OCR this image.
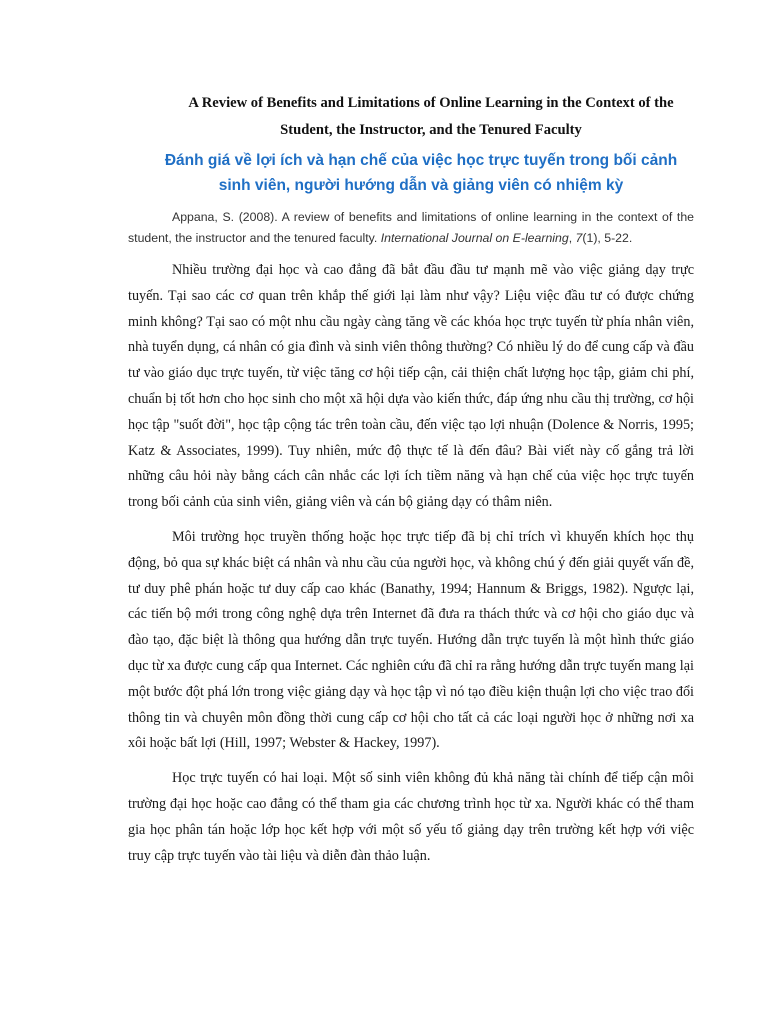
A Review of Benefits and Limitations of Online Learning in the Context of the Student, the Instructor, and the Tenured Faculty
Đánh giá về lợi ích và hạn chế của việc học trực tuyến trong bối cảnh sinh viên, người hướng dẫn và giảng viên có nhiệm kỳ

Appana, S. (2008). A review of benefits and limitations of online learning in the context of the student, the instructor and the tenured faculty. International Journal on E-learning, 7(1), 5-22.

Nhiều trường đại học và cao đẳng đã bắt đầu đầu tư mạnh mẽ vào việc giảng dạy trực tuyến. Tại sao các cơ quan trên khắp thế giới lại làm như vậy? Liệu việc đầu tư có được chứng minh không? Tại sao có một nhu cầu ngày càng tăng về các khóa học trực tuyến từ phía nhân viên, nhà tuyển dụng, cá nhân có gia đình và sinh viên thông thường? Có nhiều lý do để cung cấp và đầu tư vào giáo dục trực tuyến, từ việc tăng cơ hội tiếp cận, cải thiện chất lượng học tập, giảm chi phí, chuẩn bị tốt hơn cho học sinh cho một xã hội dựa vào kiến thức, đáp ứng nhu cầu thị trường, cơ hội học tập "suốt đời", học tập cộng tác trên toàn cầu, đến việc tạo lợi nhuận (Dolence & Norris, 1995; Katz & Associates, 1999). Tuy nhiên, mức độ thực tế là đến đâu? Bài viết này cố gắng trả lời những câu hỏi này bằng cách cân nhắc các lợi ích tiềm năng và hạn chế của việc học trực tuyến trong bối cảnh của sinh viên, giảng viên và cán bộ giảng dạy có thâm niên.

Môi trường học truyền thống hoặc học trực tiếp đã bị chỉ trích vì khuyến khích học thụ động, bỏ qua sự khác biệt cá nhân và nhu cầu của người học, và không chú ý đến giải quyết vấn đề, tư duy phê phán hoặc tư duy cấp cao khác (Banathy, 1994; Hannum & Briggs, 1982). Ngược lại, các tiến bộ mới trong công nghệ dựa trên Internet đã đưa ra thách thức và cơ hội cho giáo dục và đào tạo, đặc biệt là thông qua hướng dẫn trực tuyến. Hướng dẫn trực tuyến là một hình thức giáo dục từ xa được cung cấp qua Internet. Các nghiên cứu đã chỉ ra rằng hướng dẫn trực tuyến mang lại một bước đột phá lớn trong việc giảng dạy và học tập vì nó tạo điều kiện thuận lợi cho việc trao đổi thông tin và chuyên môn đồng thời cung cấp cơ hội cho tất cả các loại người học ở những nơi xa xôi hoặc bất lợi (Hill, 1997; Webster & Hackey, 1997).

Học trực tuyến có hai loại. Một số sinh viên không đủ khả năng tài chính để tiếp cận môi trường đại học hoặc cao đẳng có thể tham gia các chương trình học từ xa. Người khác có thể tham gia học phân tán hoặc lớp học kết hợp với một số yếu tố giảng dạy trên trường kết hợp với việc truy cập trực tuyến vào tài liệu và diễn đàn thảo luận.
